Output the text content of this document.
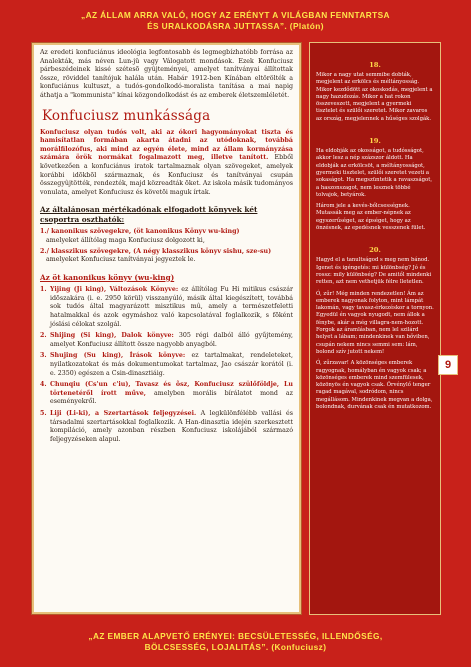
„AZ ÁLLAM ARRA VALÓ, HOGY AZ ERÉNYT A VILÁGBAN FENNTARTSA
ÉS URALKODÁSRA JUTTASSA”. (Platón)

Az eredeti konfuciánus ideológia legfontosabb és legmegbízhatóbb forrása az Analekták, más néven Lun-jü vagy Válogatott mondások. Ezek Konfuciusz párbeszédeinek kissé szétesõ gyûjteményei, amelyet tanítványai állítottak össze, röviddel tanítójuk halála után. Habár 1912-ben Kínában eltörölték a konfuciánus kultuszt, a tudós-gondolkodó-moralista tanítása a mai napig áthatja a "kommunista" kínai közgondolkodást és az emberek életszemléletét.

Konfuciusz munkássága

Konfuciusz olyan tudós volt, aki az ókori hagyományokat tiszta és hamisítatlan formában akarta átadni az utódoknak, továbbá morálfilozófus, aki mind az egyén élete, mind az állam kormányzása számára örök normákat fogalmazott meg, illetve tanított. Ebből következően a konfuciánus iratok tartalmaznak olyan szövegeket, amelyek korábbi idõkbõl származnak, és Konfuciusz és tanítványai csupán összegyûjtötték, rendezték, majd közreadták õket. Az iskola másik tudományos vonulata, amelyet Konfuciusz és követõi maguk írtak.

Az általánosan mértékadónak elfogadott könyvek két csoportra oszthatók:
1./ kanonikus szövegekre, (öt kanonikus Könyv wu-king)
amelyeket állítólag maga Konfuciusz dolgozott ki,
2./ klasszikus szövegekre, (A négy klasszikus könyv sishu, sze-su)
amelyeket Konfuciusz tanítványai jegyeztek le.
Az öt kanonikus könyv (wu-king)
1. Yijing (Ji king), Változások Könyve: ez állítólag Fu Hi mitikus császár idõszakára (i. e. 2950 körül) visszanyúló, másik által kiegészített, továbbá sok tudós által magyarázott misztikus mû, amely a természetfeletti hatalmakkal és azok egymáshoz való kapcsolatával foglalkozik, s fõként jóslási célokat szolgál.
2. Shijing (Si king), Dalok könyve: 305 régi dalból álló gyűjtemény, amelyet Konfuciusz állított össze nagyobb anyagból.
3. Shujing (Su king), Írások könyve: ez tartalmakat, rendeleteket, nyilatkozatokat és más dokumentumokat tartalmaz, Jao császár korától (i. e. 2350) egészen a Csin-dinasztiáig.
4. Chunqiu (Cs'un c'iu), Tavasz és õsz, Konfuciusz szülőföldje, Lu törtenetéről írott műve, amelyben morális bírálatot mond az eseményekről.
5. Liji (Li-ki), a Szertartások feljegyzései. A legkülönfélébb vallási és társadalmi szertartásokkal foglalkozik. A Han-dinasztia idején szerkesztett kompiláció, amely azonban részben Konfuciusz iskolájából származó feljegyzéseken alapul.
18.

Mikor a nagy utat semmibe dobták, megjelent az erkölcs és méltányosság. Mikor kezdődött az okoskodás, megjelent a nagy hazudozás. Mikor a hat rokon összeveszett, megjelent a gyermeki tisztelet és szülői szeretet. Mikor zavaros az ország, megjelennek a hűséges szolgák.

19.

Ha eldobják az okosságot, a tudósságot, akkor lesz a nép százszor áldott. Ha eldobják az erkölcsöt, a méltányosságot, gyermeki tisztelet, szülői szeretet vezeti a sokaságot. Ha megszüntetik a ravaszságot, a haszonszagot, nem lesznek többé tolvajok, betyárok.

Három jele a kevés-bőlcsességnek. Mutassák meg az ember-népnek az egyszerűséget, az épséget, hogy az önzésnek, az epedésnek vesszenek fület.

20.

Hagyd el a tanultságod s meg nem bánod. Igenet és igéngetés: mi különbség? Jó és rossz: mily különbség? De amitől mindenki retten, azt nem vethetjük félre lletetlen.

Ó, zűr! Még minden rendezetlen! Ám az emberek nagyonak folyton, mint lámpát lakomán, vagy tavasz-érkezéskor a tornyon. Egyedül én vagyok nyugodt, nem állok a fénybe, akár a még villagra-nem-hozott. Forgok az áramlásban, nem lel szilárd helyet a lábam; mindenkinek van bőviben, csupán nekem nincs semmi sem: lám, bolond szív jutott nekem!

Ó, zűrzavar! A közönséges emberek ragyognak, homályban én vagyok csak; a közönséges emberek mind szemfülesek, közönyös én vagyok csak. Örvénylő tenger ragad magával, sodródom, nincs megállásom. Mindenkinek megvan a dolga, bolondnak, durvának csak én mutatkozom.

9
„AZ EMBER ALAPVETŐ ERÉNYEI: BECSÜLETESSÉG, ILLENDŐSÉG,
BÖLCSESSÉG, LOJALITÁS”. (Konfuciusz)
